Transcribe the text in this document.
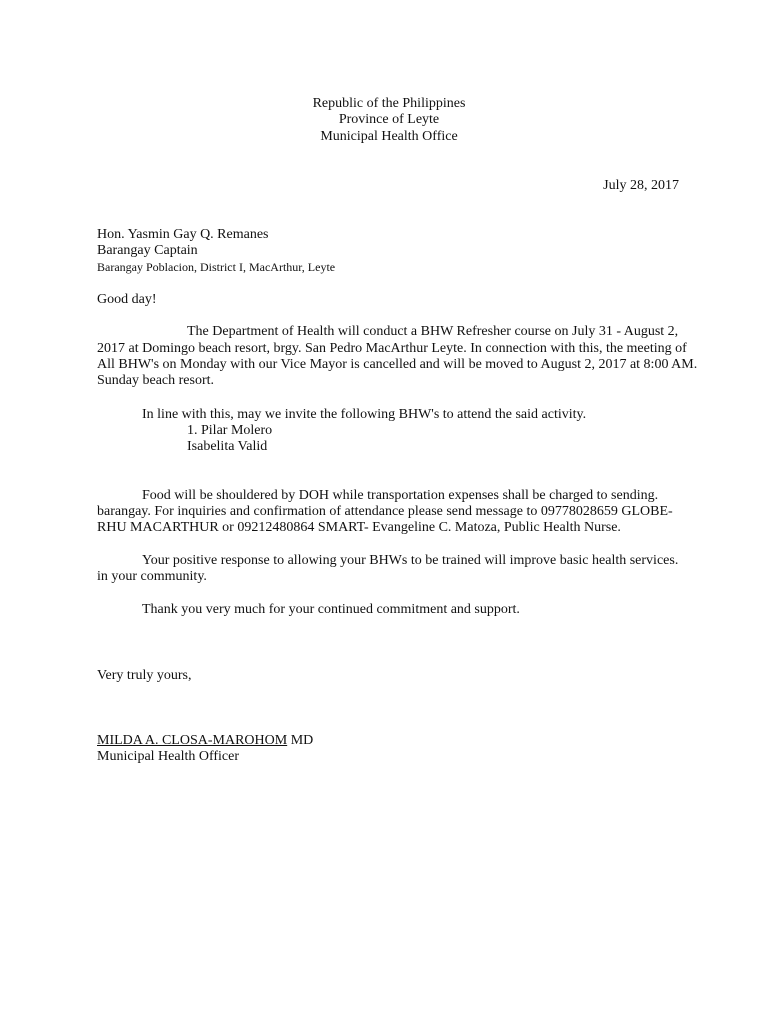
Republic of the Philippines

Province of Leyte

Municipal Health Office

July 28, 2017

Hon. Yasmin Gay Q. Remanes

Barangay Captain

Barangay Poblacion, District I, MacArthur, Leyte

Good day!

The Department of Health will conduct a BHW Refresher course on July 31 - August 2,

2017 at Domingo beach resort, brgy. San Pedro MacArthur Leyte. In connection with this, the meeting of

All BHW's on Monday with our Vice Mayor is cancelled and will be moved to August 2, 2017 at 8:00 AM.

Sunday beach resort.

In line with this, may we invite the following BHW's to attend the said activity.

1. Pilar Molero

Isabelita Valid

Food will be shouldered by DOH while transportation expenses shall be charged to sending.

barangay. For inquiries and confirmation of attendance please send message to 09778028659 GLOBE-

RHU MACARTHUR or 09212480864 SMART- Evangeline C. Matoza, Public Health Nurse.

Your positive response to allowing your BHWs to be trained will improve basic health services.

in your community.

Thank you very much for your continued commitment and support.

Very truly yours,

MILDA A. CLOSA-MAROHOM MD

Municipal Health Officer
